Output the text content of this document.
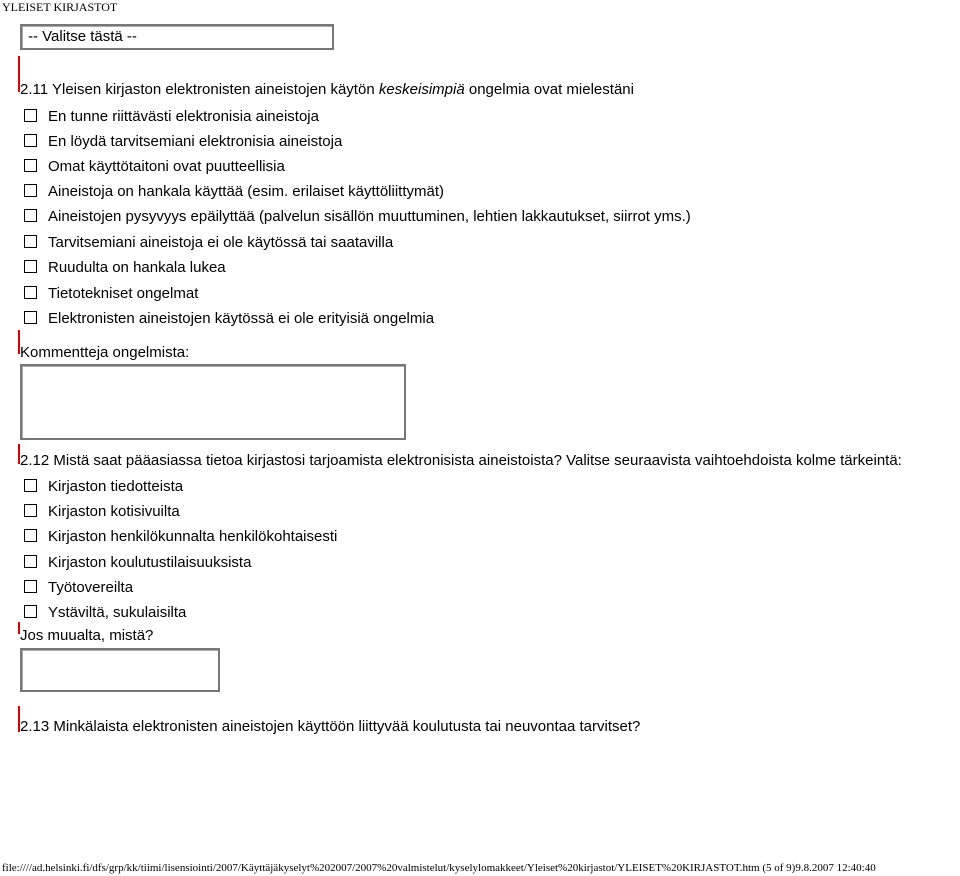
YLEISET KIRJASTOT
-- Valitse tästä --
2.11 Yleisen kirjaston elektronisten aineistojen käytön keskeisimpiä ongelmia ovat mielestäni
En tunne riittävästi elektronisia aineistoja
En löydä tarvitsemiani elektronisia aineistoja
Omat käyttötaitoni ovat puutteellisia
Aineistoja on hankala käyttää (esim. erilaiset käyttöliittymät)
Aineistojen pysyvyys epäilyttää (palvelun sisällön muuttuminen, lehtien lakkautukset, siirrot yms.)
Tarvitsemiani aineistoja ei ole käytössä tai saatavilla
Ruudulta on hankala lukea
Tietotekniset ongelmat
Elektronisten aineistojen käytössä ei ole erityisiä ongelmia
Kommentteja ongelmista:
2.12 Mistä saat pääasiassa tietoa kirjastosi tarjoamista elektronisista aineistoista? Valitse seuraavista vaihtoehdoista kolme tärkeintä:
Kirjaston tiedotteista
Kirjaston kotisivuilta
Kirjaston henkilökunnalta henkilökohtaisesti
Kirjaston koulutustilaisuuksista
Työtovereilta
Ystäviltä, sukulaisilta
Jos muualta, mistä?
2.13 Minkälaista elektronisten aineistojen käyttöön liittyvää koulutusta tai neuvontaa tarvitset?
file:////ad.helsinki.fi/dfs/grp/kk/tiimi/lisensiointi/2007/Käyttäjäkyselyt%202007/2007%20valmistelut/kyselylomakkeet/Yleiset%20kirjastot/YLEISET%20KIRJASTOT.htm (5 of 9)9.8.2007 12:40:40
